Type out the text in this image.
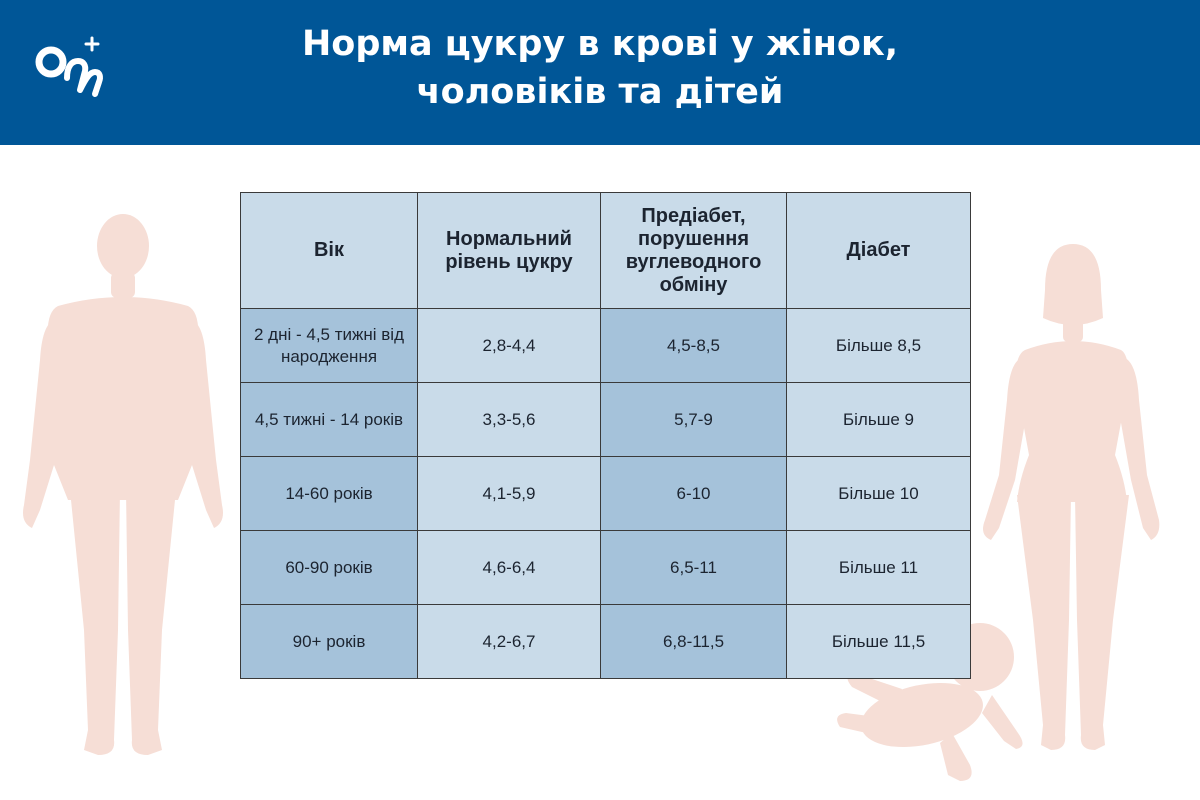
Норма цукру в крові у жінок,
чоловіків та дітей
Вік	Нормальний рівень цукру	Предіабет, порушення вуглеводного обміну	Діабет
2 дні - 4,5 тижні від народження	2,8-4,4	4,5-8,5	Більше 8,5
4,5 тижні - 14 років	3,3-5,6	5,7-9	Більше 9
14-60 років	4,1-5,9	6-10	Більше 10
60-90 років	4,6-6,4	6,5-11	Більше 11
90+ років	4,2-6,7	6,8-11,5	Більше 11,5
